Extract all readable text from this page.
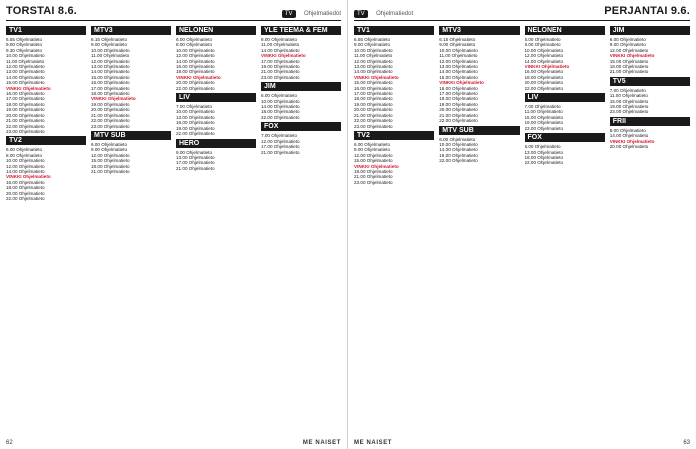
TORSTAI 8.6.	TV Ohjelmatiedot
TV1
6.55 Ohjelmatieto
9.00 Ohjelmatieto
9.30 Ohjelmatieto
10.00 Ohjelmatieto
11.00 Ohjelmatieto
12.00 Ohjelmatieto
13.00 Ohjelmatieto
14.00 Ohjelmatieto
15.00 Ohjelmatieto
VINKKI Ohjelmatieto
16.00 Ohjelmatieto
17.00 Ohjelmatieto
18.00 Ohjelmatieto
19.00 Ohjelmatieto
20.00 Ohjelmatieto
21.00 Ohjelmatieto
22.00 Ohjelmatieto
23.00 Ohjelmatieto
TV2
6.00 Ohjelmatieto
8.00 Ohjelmatieto
10.00 Ohjelmatieto
12.00 Ohjelmatieto
14.00 Ohjelmatieto
VINKKI Ohjelmatieto
16.00 Ohjelmatieto
18.00 Ohjelmatieto
20.00 Ohjelmatieto
22.00 Ohjelmatieto
MTV3
6.15 Ohjelmatieto
9.00 Ohjelmatieto
10.00 Ohjelmatieto
11.00 Ohjelmatieto
12.00 Ohjelmatieto
13.00 Ohjelmatieto
14.00 Ohjelmatieto
15.00 Ohjelmatieto
16.00 Ohjelmatieto
17.00 Ohjelmatieto
18.00 Ohjelmatieto
VINKKI Ohjelmatieto
19.00 Ohjelmatieto
20.00 Ohjelmatieto
21.00 Ohjelmatieto
22.00 Ohjelmatieto
23.00 Ohjelmatieto
MTV SUB
6.00 Ohjelmatieto
9.00 Ohjelmatieto
12.00 Ohjelmatieto
15.00 Ohjelmatieto
18.00 Ohjelmatieto
21.00 Ohjelmatieto
NELONEN
6.00 Ohjelmatieto
8.00 Ohjelmatieto
10.00 Ohjelmatieto
12.00 Ohjelmatieto
14.00 Ohjelmatieto
16.00 Ohjelmatieto
18.00 Ohjelmatieto
VINKKI Ohjelmatieto
20.00 Ohjelmatieto
22.00 Ohjelmatieto
LIV
7.00 Ohjelmatieto
10.00 Ohjelmatieto
13.00 Ohjelmatieto
16.00 Ohjelmatieto
19.00 Ohjelmatieto
22.00 Ohjelmatieto
HERO
9.00 Ohjelmatieto
13.00 Ohjelmatieto
17.00 Ohjelmatieto
21.00 Ohjelmatieto
YLE TEEMA & FEM
8.00 Ohjelmatieto
11.00 Ohjelmatieto
14.00 Ohjelmatieto
VINKKI Ohjelmatieto
17.00 Ohjelmatieto
19.00 Ohjelmatieto
21.00 Ohjelmatieto
23.00 Ohjelmatieto
JIM
6.00 Ohjelmatieto
10.00 Ohjelmatieto
14.00 Ohjelmatieto
18.00 Ohjelmatieto
22.00 Ohjelmatieto
FOX
7.00 Ohjelmatieto
12.00 Ohjelmatieto
17.00 Ohjelmatieto
21.00 Ohjelmatieto
62	ME NAISET
TV Ohjelmatiedot	PERJANTAI 9.6.
TV1
6.55 Ohjelmatieto
9.00 Ohjelmatieto
10.00 Ohjelmatieto
11.00 Ohjelmatieto
12.00 Ohjelmatieto
13.00 Ohjelmatieto
14.00 Ohjelmatieto
VINKKI Ohjelmatieto
15.00 Ohjelmatieto
16.00 Ohjelmatieto
17.00 Ohjelmatieto
18.00 Ohjelmatieto
19.00 Ohjelmatieto
20.00 Ohjelmatieto
21.00 Ohjelmatieto
22.00 Ohjelmatieto
23.00 Ohjelmatieto
TV2
6.00 Ohjelmatieto
9.00 Ohjelmatieto
12.00 Ohjelmatieto
15.00 Ohjelmatieto
VINKKI Ohjelmatieto
18.00 Ohjelmatieto
21.00 Ohjelmatieto
23.00 Ohjelmatieto
MTV3
6.15 Ohjelmatieto
9.00 Ohjelmatieto
10.00 Ohjelmatieto
11.00 Ohjelmatieto
12.00 Ohjelmatieto
13.00 Ohjelmatieto
14.00 Ohjelmatieto
15.00 Ohjelmatieto
VINKKI Ohjelmatieto
16.00 Ohjelmatieto
17.00 Ohjelmatieto
18.00 Ohjelmatieto
19.00 Ohjelmatieto
20.00 Ohjelmatieto
21.00 Ohjelmatieto
22.00 Ohjelmatieto
MTV SUB
6.00 Ohjelmatieto
10.00 Ohjelmatieto
14.00 Ohjelmatieto
18.00 Ohjelmatieto
22.00 Ohjelmatieto
NELONEN
6.00 Ohjelmatieto
8.00 Ohjelmatieto
10.00 Ohjelmatieto
12.00 Ohjelmatieto
14.00 Ohjelmatieto
VINKKI Ohjelmatieto
16.00 Ohjelmatieto
18.00 Ohjelmatieto
20.00 Ohjelmatieto
22.00 Ohjelmatieto
LIV
7.00 Ohjelmatieto
11.00 Ohjelmatieto
15.00 Ohjelmatieto
19.00 Ohjelmatieto
23.00 Ohjelmatieto
FOX
8.00 Ohjelmatieto
13.00 Ohjelmatieto
18.00 Ohjelmatieto
22.00 Ohjelmatieto
JIM
6.00 Ohjelmatieto
9.00 Ohjelmatieto
12.00 Ohjelmatieto
VINKKI Ohjelmatieto
15.00 Ohjelmatieto
18.00 Ohjelmatieto
21.00 Ohjelmatieto
TV5
7.00 Ohjelmatieto
11.00 Ohjelmatieto
15.00 Ohjelmatieto
19.00 Ohjelmatieto
23.00 Ohjelmatieto
FRII
8.00 Ohjelmatieto
14.00 Ohjelmatieto
VINKKI Ohjelmatieto
20.00 Ohjelmatieto
ME NAISET	63
